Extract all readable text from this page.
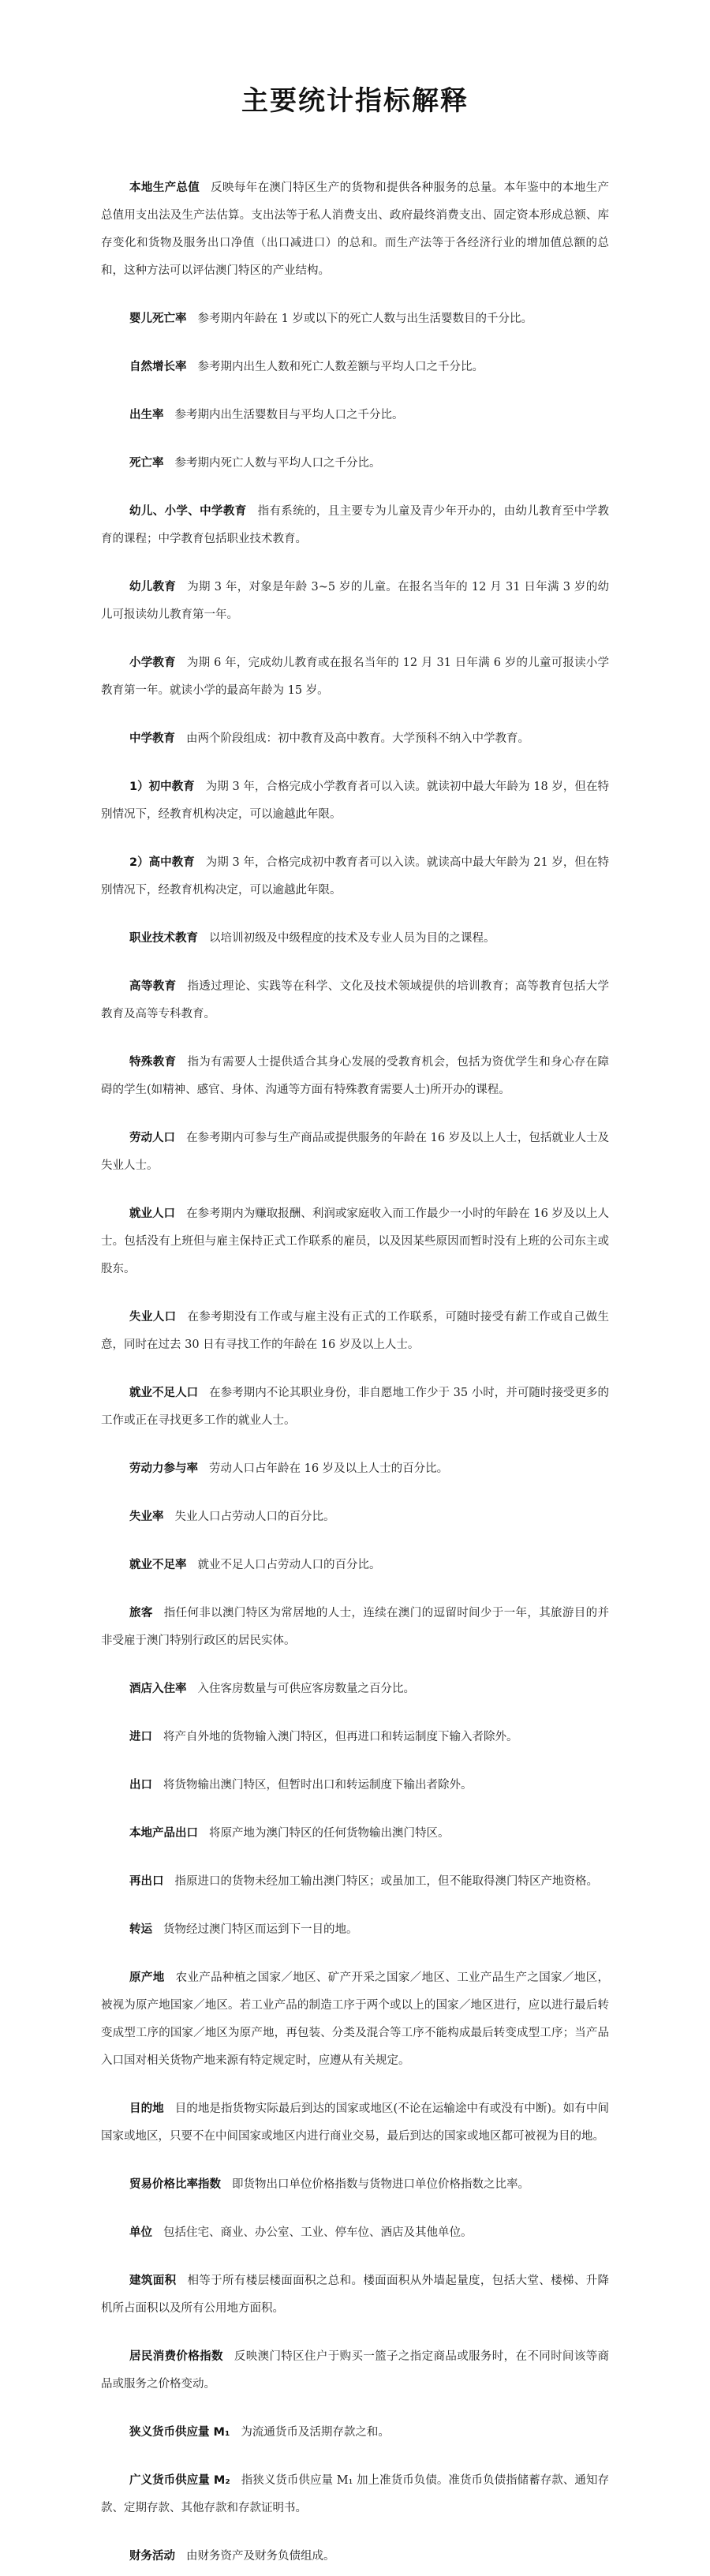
主要统计指标解释

本地生产总值 反映每年在澳门特区生产的货物和提供各种服务的总量。本年鉴中的本地生产总值用支出法及生产法估算。支出法等于私人消费支出、政府最终消费支出、固定资本形成总额、库存变化和货物及服务出口净值（出口减进口）的总和。而生产法等于各经济行业的增加值总额的总和，这种方法可以评估澳门特区的产业结构。

婴儿死亡率 参考期内年龄在 1 岁或以下的死亡人数与出生活婴数目的千分比。

自然增长率 参考期内出生人数和死亡人数差额与平均人口之千分比。

出生率 参考期内出生活婴数目与平均人口之千分比。

死亡率 参考期内死亡人数与平均人口之千分比。

幼儿、小学、中学教育 指有系统的，且主要专为儿童及青少年开办的，由幼儿教育至中学教育的课程；中学教育包括职业技术教育。

幼儿教育 为期 3 年，对象是年龄 3~5 岁的儿童。在报名当年的 12 月 31 日年满 3 岁的幼儿可报读幼儿教育第一年。

小学教育 为期 6 年，完成幼儿教育或在报名当年的 12 月 31 日年满 6 岁的儿童可报读小学教育第一年。就读小学的最高年龄为 15 岁。

中学教育 由两个阶段组成：初中教育及高中教育。大学预科不纳入中学教育。

1）初中教育 为期 3 年，合格完成小学教育者可以入读。就读初中最大年龄为 18 岁，但在特别情况下，经教育机构决定，可以逾越此年限。

2）高中教育 为期 3 年，合格完成初中教育者可以入读。就读高中最大年龄为 21 岁，但在特别情况下，经教育机构决定，可以逾越此年限。

职业技术教育 以培训初级及中级程度的技术及专业人员为目的之课程。

高等教育 指透过理论、实践等在科学、文化及技术领域提供的培训教育；高等教育包括大学教育及高等专科教育。

特殊教育 指为有需要人士提供适合其身心发展的受教育机会，包括为资优学生和身心存在障碍的学生(如精神、感官、身体、沟通等方面有特殊教育需要人士)所开办的课程。

劳动人口 在参考期内可参与生产商品或提供服务的年龄在 16 岁及以上人士，包括就业人士及失业人士。

就业人口 在参考期内为赚取报酬、利润或家庭收入而工作最少一小时的年龄在 16 岁及以上人士。包括没有上班但与雇主保持正式工作联系的雇员，以及因某些原因而暂时没有上班的公司东主或股东。

失业人口 在参考期没有工作或与雇主没有正式的工作联系，可随时接受有薪工作或自己做生意，同时在过去 30 日有寻找工作的年龄在 16 岁及以上人士。

就业不足人口 在参考期内不论其职业身份，非自愿地工作少于 35 小时，并可随时接受更多的工作或正在寻找更多工作的就业人士。

劳动力参与率 劳动人口占年龄在 16 岁及以上人士的百分比。

失业率 失业人口占劳动人口的百分比。

就业不足率 就业不足人口占劳动人口的百分比。

旅客 指任何非以澳门特区为常居地的人士，连续在澳门的逗留时间少于一年，其旅游目的并非受雇于澳门特别行政区的居民实体。

酒店入住率 入住客房数量与可供应客房数量之百分比。

进口 将产自外地的货物输入澳门特区，但再进口和转运制度下输入者除外。

出口 将货物输出澳门特区，但暂时出口和转运制度下输出者除外。

本地产品出口 将原产地为澳门特区的任何货物输出澳门特区。

再出口 指原进口的货物未经加工输出澳门特区；或虽加工，但不能取得澳门特区产地资格。

转运 货物经过澳门特区而运到下一目的地。

原产地 农业产品种植之国家／地区、矿产开采之国家／地区、工业产品生产之国家／地区，被视为原产地国家／地区。若工业产品的制造工序于两个或以上的国家／地区进行，应以进行最后转变成型工序的国家／地区为原产地，再包装、分类及混合等工序不能构成最后转变成型工序；当产品入口国对相关货物产地来源有特定规定时，应遵从有关规定。

目的地 目的地是指货物实际最后到达的国家或地区(不论在运输途中有或没有中断)。如有中间国家或地区，只要不在中间国家或地区内进行商业交易，最后到达的国家或地区都可被视为目的地。

贸易价格比率指数 即货物出口单位价格指数与货物进口单位价格指数之比率。

单位 包括住宅、商业、办公室、工业、停车位、酒店及其他单位。

建筑面积 相等于所有楼层楼面面积之总和。楼面面积从外墙起量度，包括大堂、楼梯、升降机所占面积以及所有公用地方面积。

居民消费价格指数 反映澳门特区住户于购买一篮子之指定商品或服务时，在不同时间该等商品或服务之价格变动。

狭义货币供应量 M₁ 为流通货币及活期存款之和。

广义货币供应量 M₂ 指狭义货币供应量 M₁ 加上准货币负债。准货币负债指储蓄存款、通知存款、定期存款、其他存款和存款证明书。

财务活动 由财务资产及财务负债组成。
